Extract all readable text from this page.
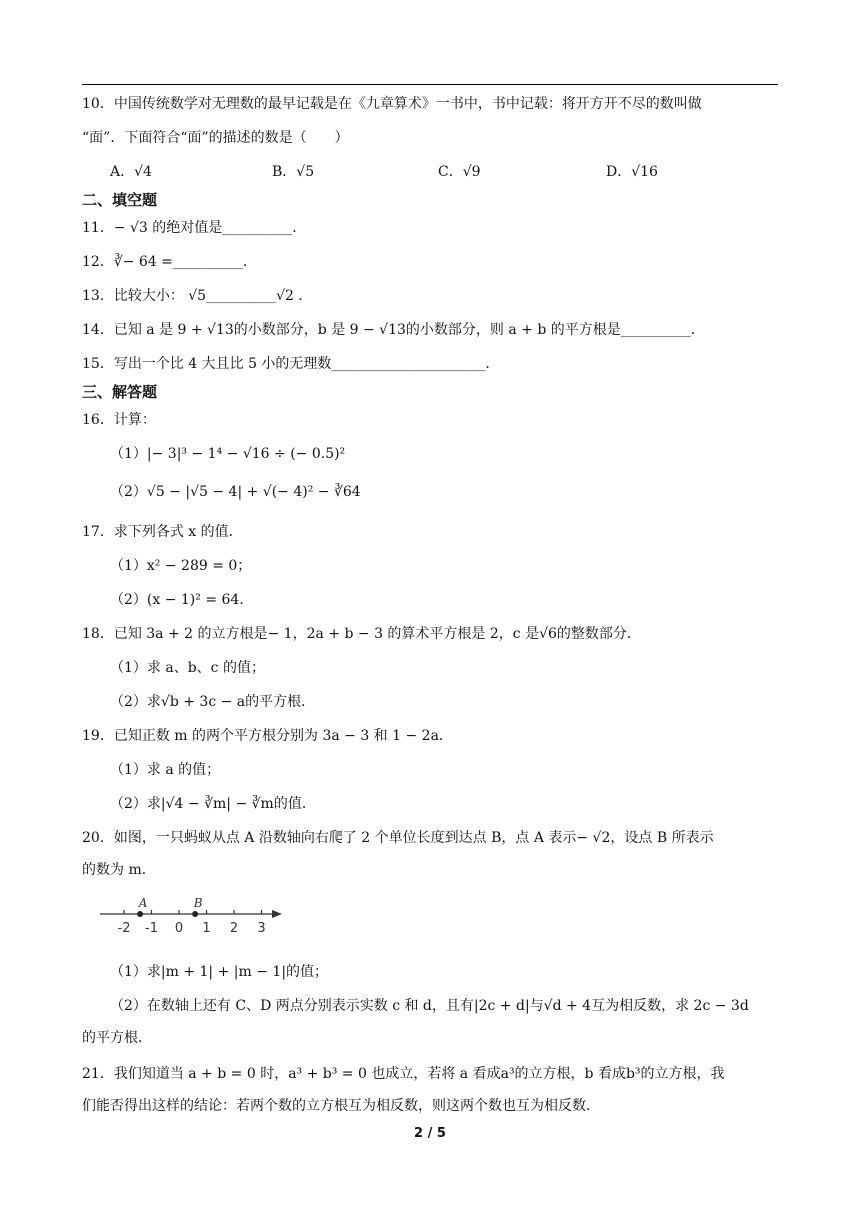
10．中国传统数学对无理数的最早记载是在《九章算术》一书中，书中记载：将开方开不尽的数叫做
“面”．下面符合“面”的描述的数是（　　）
A．√4	B．√5	C．√9	D．√16
二、填空题
11．− √3 的绝对值是__________．
12．∛− 64 =__________．
13．比较大小： √5__________√2 ．
14．已知 a 是 9 + √13的小数部分，b 是 9 − √13的小数部分，则 a + b 的平方根是__________．
15．写出一个比 4 大且比 5 小的无理数______________________．
三、解答题
16．计算：
（1）|− 3|³ − 1⁴ − √16 ÷ (− 0.5)²
（2）√5 − |√5 − 4| + √(− 4)² − ∛64
17．求下列各式 x 的值．
（1）x² − 289 = 0；
（2）(x − 1)² = 64．
18．已知 3a + 2 的立方根是− 1，2a + b − 3 的算术平方根是 2，c 是√6的整数部分．
（1）求 a、b、c 的值；
（2）求√b + 3c − a的平方根．
19．已知正数 m 的两个平方根分别为 3a − 3 和 1 − 2a．
（1）求 a 的值；
（2）求|√4 − ∛m| − ∛m的值．
20．如图，一只蚂蚁从点 A 沿数轴向右爬了 2 个单位长度到达点 B，点 A 表示− √2，设点 B 所表示
的数为 m．
-2 -1 0 1 2 3
A	B
（1）求|m + 1| + |m − 1|的值；
（2）在数轴上还有 C、D 两点分别表示实数 c 和 d，且有|2c + d|与√d + 4互为相反数，求 2c − 3d
的平方根．
21．我们知道当 a + b = 0 时，a³ + b³ = 0 也成立，若将 a 看成a³的立方根，b 看成b³的立方根，我
们能否得出这样的结论：若两个数的立方根互为相反数，则这两个数也互为相反数．
2 / 5
